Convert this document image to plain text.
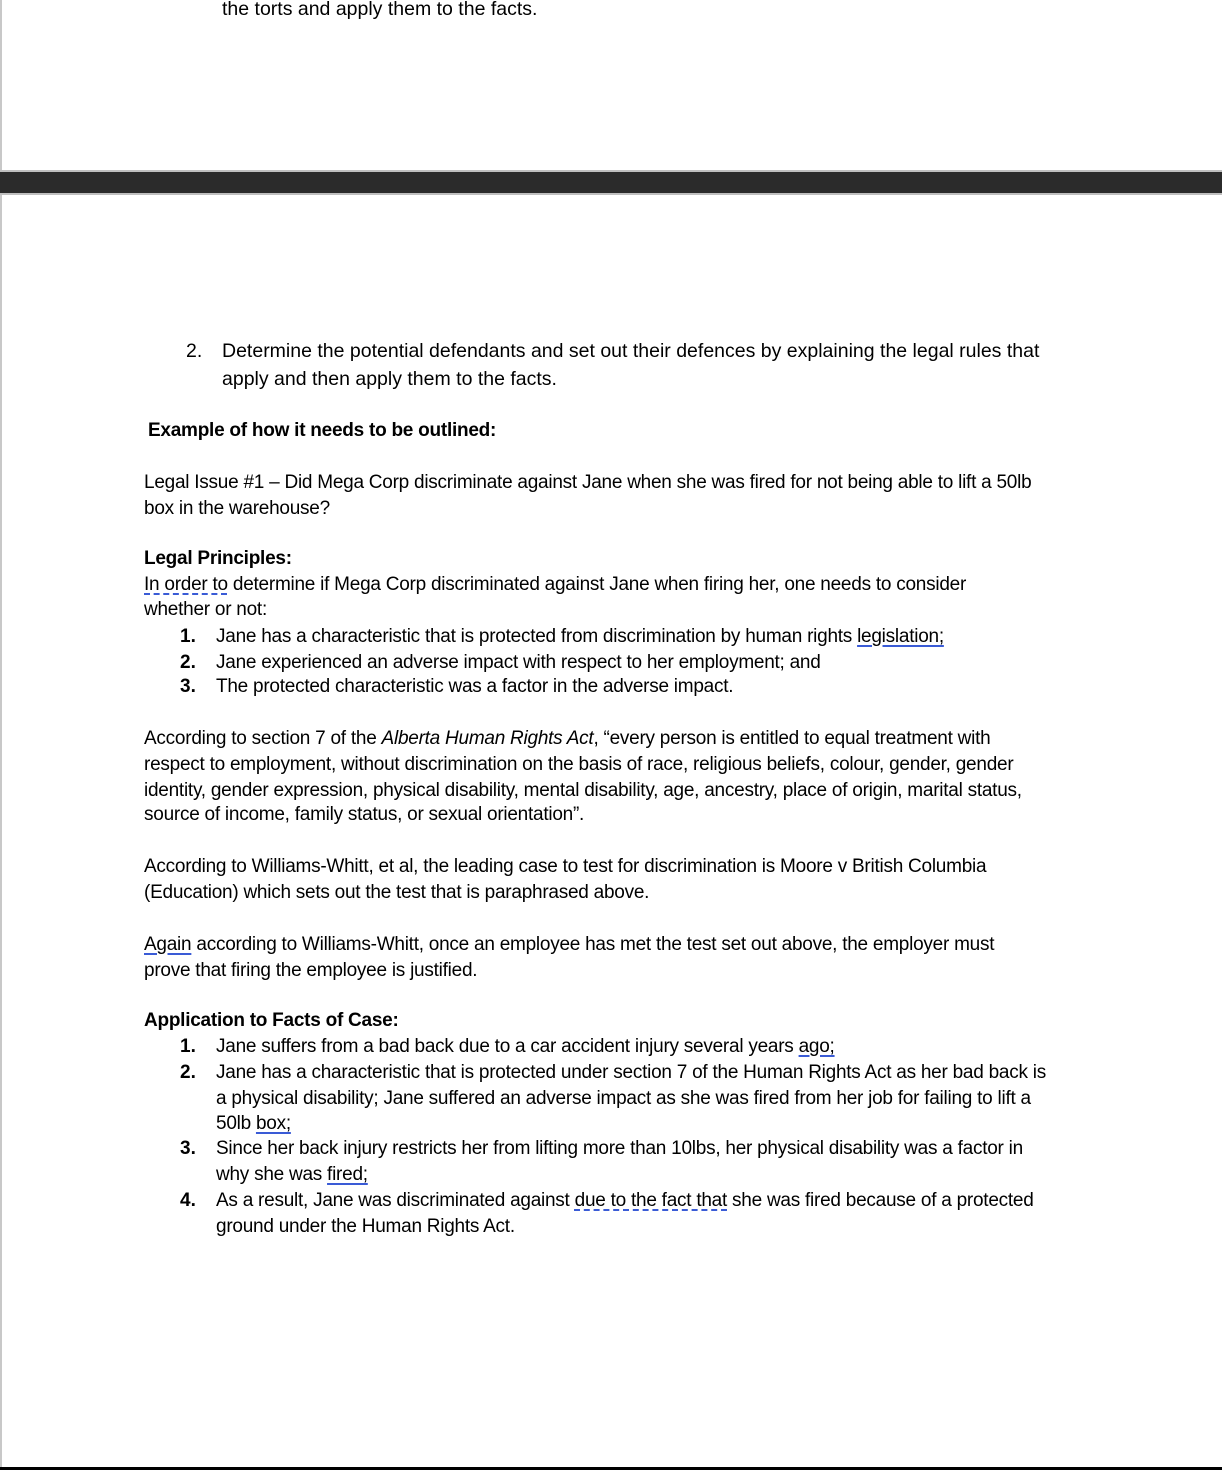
the torts and apply them to the facts.
2. Determine the potential defendants and set out their defences by explaining the legal rules that
apply and then apply them to the facts.
Example of how it needs to be outlined:
Legal Issue #1 – Did Mega Corp discriminate against Jane when she was fired for not being able to lift a 50lb
box in the warehouse?
Legal Principles:
In order to determine if Mega Corp discriminated against Jane when firing her, one needs to consider
whether or not:
1. Jane has a characteristic that is protected from discrimination by human rights legislation;
2. Jane experienced an adverse impact with respect to her employment; and
3. The protected characteristic was a factor in the adverse impact.
According to section 7 of the Alberta Human Rights Act, “every person is entitled to equal treatment with
respect to employment, without discrimination on the basis of race, religious beliefs, colour, gender, gender
identity, gender expression, physical disability, mental disability, age, ancestry, place of origin, marital status,
source of income, family status, or sexual orientation”.
According to Williams-Whitt, et al, the leading case to test for discrimination is Moore v British Columbia
(Education) which sets out the test that is paraphrased above.
Again according to Williams-Whitt, once an employee has met the test set out above, the employer must
prove that firing the employee is justified.
Application to Facts of Case:
1. Jane suffers from a bad back due to a car accident injury several years ago;
2. Jane has a characteristic that is protected under section 7 of the Human Rights Act as her bad back is
a physical disability; Jane suffered an adverse impact as she was fired from her job for failing to lift a
50lb box;
3. Since her back injury restricts her from lifting more than 10lbs, her physical disability was a factor in
why she was fired;
4. As a result, Jane was discriminated against due to the fact that she was fired because of a protected
ground under the Human Rights Act.
